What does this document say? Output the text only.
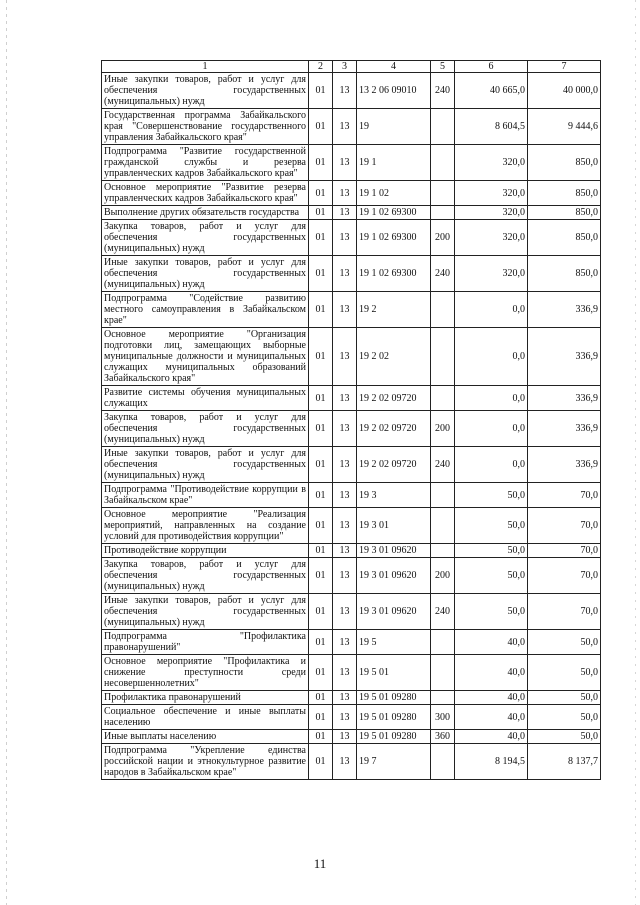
1	2	3	4	5	6	7
Иные закупки товаров, работ и услуг для обеспечения государственных (муниципальных) нужд	01	13	13 2 06 09010	240	40 665,0	40 000,0
Государственная программа Забайкальского края "Совершенствование государственного управления Забайкальского края"	01	13	19		8 604,5	9 444,6
Подпрограмма "Развитие государственной гражданской службы и резерва управленческих кадров Забайкальского края"	01	13	19 1		320,0	850,0
Основное мероприятие "Развитие резерва управленческих кадров Забайкальского края"	01	13	19 1 02		320,0	850,0
Выполнение других обязательств государства	01	13	19 1 02 69300		320,0	850,0
Закупка товаров, работ и услуг для обеспечения государственных (муниципальных) нужд	01	13	19 1 02 69300	200	320,0	850,0
Иные закупки товаров, работ и услуг для обеспечения государственных (муниципальных) нужд	01	13	19 1 02 69300	240	320,0	850,0
Подпрограмма "Содействие развитию местного самоуправления в Забайкальском крае"	01	13	19 2		0,0	336,9
Основное мероприятие "Организация подготовки лиц, замещающих выборные муниципальные должности и муниципальных служащих муниципальных образований Забайкальского края"	01	13	19 2 02		0,0	336,9
Развитие системы обучения муниципальных служащих	01	13	19 2 02 09720		0,0	336,9
Закупка товаров, работ и услуг для обеспечения государственных (муниципальных) нужд	01	13	19 2 02 09720	200	0,0	336,9
Иные закупки товаров, работ и услуг для обеспечения государственных (муниципальных) нужд	01	13	19 2 02 09720	240	0,0	336,9
Подпрограмма "Противодействие коррупции в Забайкальском крае"	01	13	19 3		50,0	70,0
Основное мероприятие "Реализация мероприятий, направленных на создание условий для противодействия коррупции"	01	13	19 3 01		50,0	70,0
Противодействие коррупции	01	13	19 3 01 09620		50,0	70,0
Закупка товаров, работ и услуг для обеспечения государственных (муниципальных) нужд	01	13	19 3 01 09620	200	50,0	70,0
Иные закупки товаров, работ и услуг для обеспечения государственных (муниципальных) нужд	01	13	19 3 01 09620	240	50,0	70,0
Подпрограмма "Профилактика правонарушений"	01	13	19 5		40,0	50,0
Основное мероприятие "Профилактика и снижение преступности среди несовершеннолетних"	01	13	19 5 01		40,0	50,0
Профилактика правонарушений	01	13	19 5 01 09280		40,0	50,0
Социальное обеспечение и иные выплаты населению	01	13	19 5 01 09280	300	40,0	50,0
Иные выплаты населению	01	13	19 5 01 09280	360	40,0	50,0
Подпрограмма "Укрепление единства российской нации и этнокультурное развитие народов в Забайкальском крае"	01	13	19 7		8 194,5	8 137,7
11
